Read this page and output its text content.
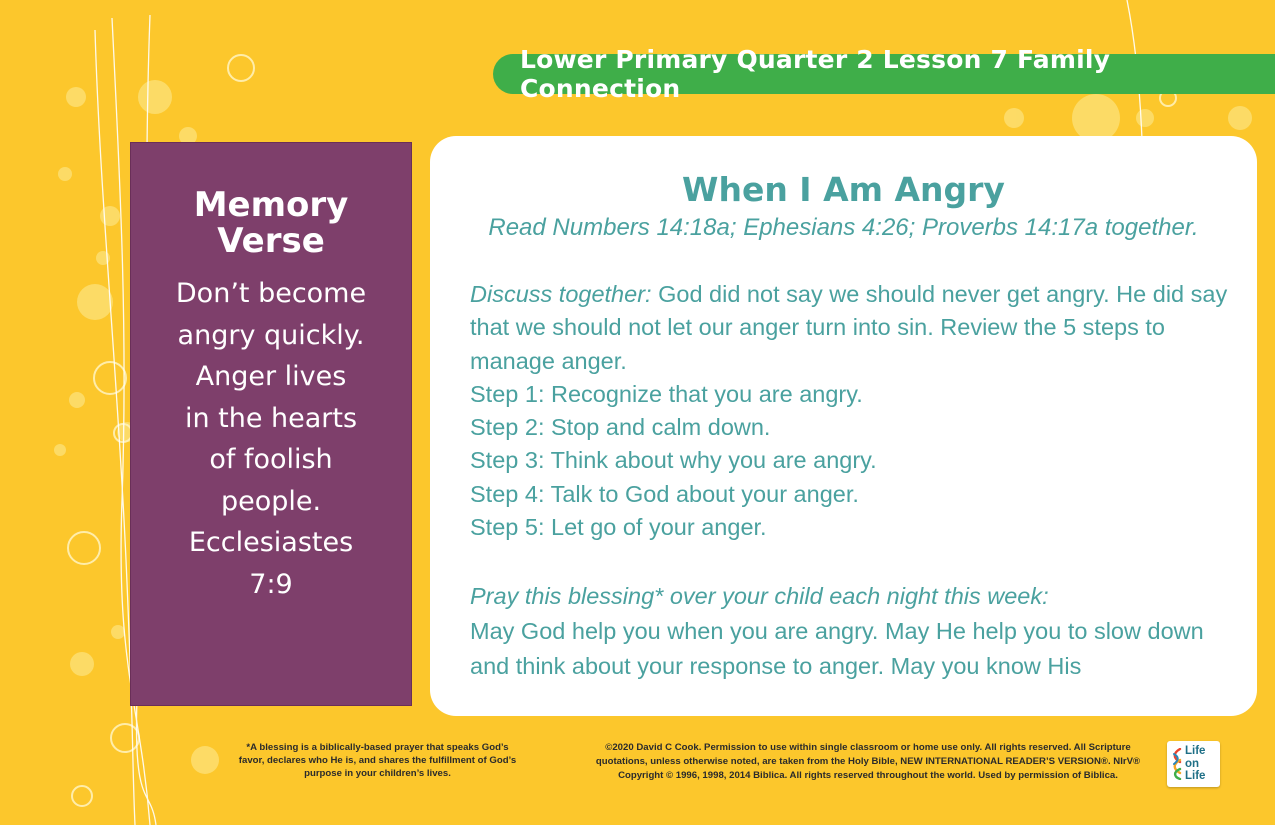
Lower Primary Quarter 2 Lesson 7 Family Connection
Memory
Verse
Don’t become
angry quickly.
Anger lives
in the hearts
of foolish
people.
Ecclesiastes
7:9
When I Am Angry
Read Numbers 14:18a; Ephesians 4:26; Proverbs 14:17a together.

Discuss together: God did not say we should never get angry. He did say that we should not let our anger turn into sin. Review the 5 steps to manage anger.

Step 1: Recognize that you are angry.
Step 2: Stop and calm down.
Step 3: Think about why you are angry.
Step 4: Talk to God about your anger.
Step 5: Let go of your anger.

Pray this blessing* over your child each night this week:

May God help you when you are angry. May He help you to slow down and think about your response to anger. May you know His

*A blessing is a biblically-based prayer that speaks God’s favor, declares who He is, and shares the fulfillment of God’s purpose in your children’s lives.
©2020 David C Cook. Permission to use within single classroom or home use only. All rights reserved. All Scripture quotations, unless otherwise noted, are taken from the Holy Bible, NEW INTERNATIONAL READER’S VERSION®. NIrV® Copyright © 1996, 1998, 2014 Biblica. All rights reserved throughout the world. Used by permission of Biblica.
Life
on
Life
